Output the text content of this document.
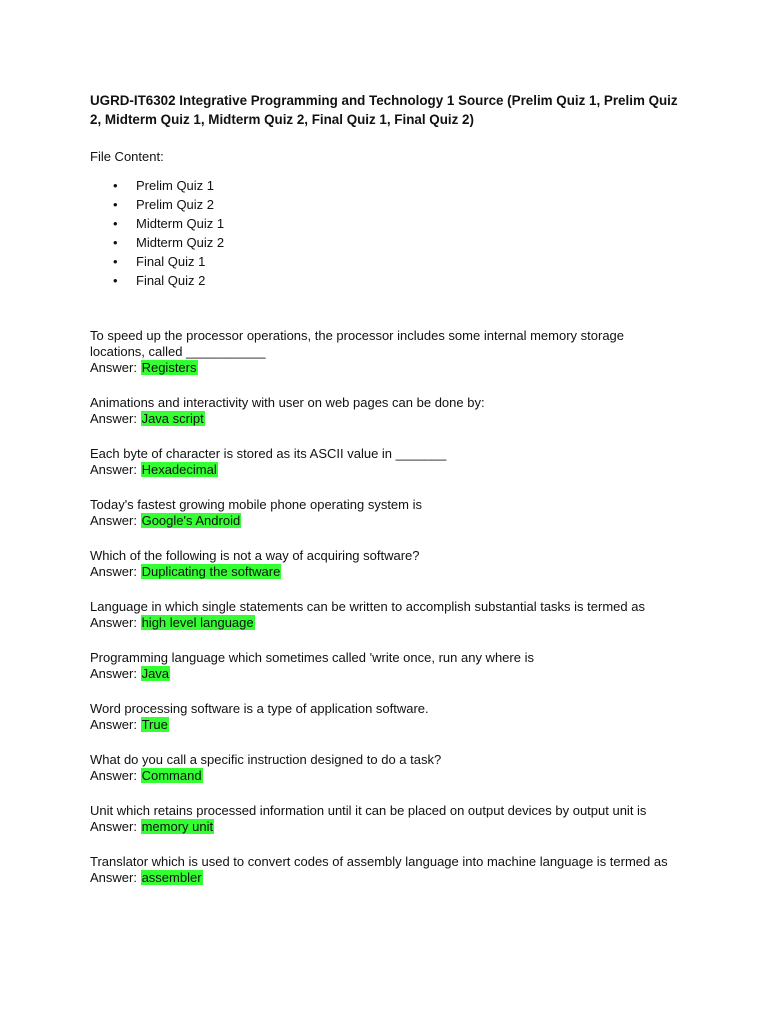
UGRD-IT6302 Integrative Programming and Technology 1 Source (Prelim Quiz 1, Prelim Quiz 2, Midterm Quiz 1, Midterm Quiz 2, Final Quiz 1, Final Quiz 2)

File Content:
• Prelim Quiz 1
• Prelim Quiz 2
• Midterm Quiz 1
• Midterm Quiz 2
• Final Quiz 1
• Final Quiz 2
To speed up the processor operations, the processor includes some internal memory storage locations, called ___________
Answer: Registers
Animations and interactivity with user on web pages can be done by:
Answer: Java script
Each byte of character is stored as its ASCII value in _______
Answer: Hexadecimal
Today's fastest growing mobile phone operating system is
Answer: Google's Android
Which of the following is not a way of acquiring software?
Answer: Duplicating the software
Language in which single statements can be written to accomplish substantial tasks is termed as
Answer: high level language
Programming language which sometimes called 'write once, run any where is
Answer: Java
Word processing software is a type of application software.
Answer: True
What do you call a specific instruction designed to do a task?
Answer: Command
Unit which retains processed information until it can be placed on output devices by output unit is
Answer: memory unit
Translator which is used to convert codes of assembly language into machine language is termed as
Answer: assembler
